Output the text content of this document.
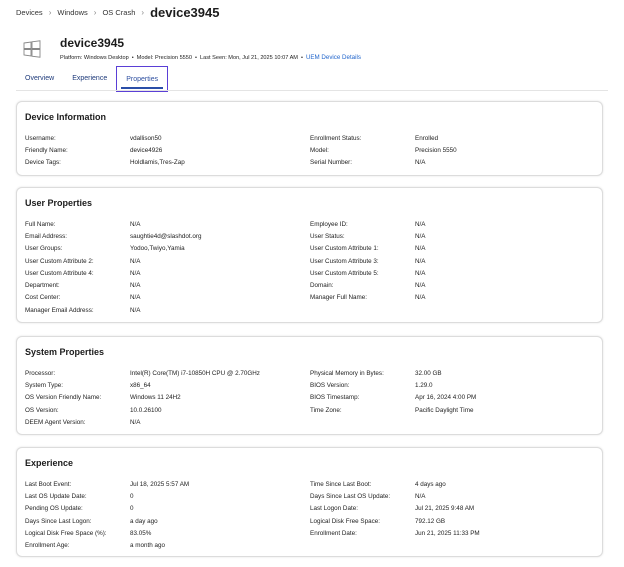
Devices › Windows › OS Crash › device3945
device3945
Platform: Windows Desktop • Model: Precision 5550 • Last Seen: Mon, Jul 21, 2025 10:07 AM • UEM Device Details
Overview	Experience	Properties
Device Information
Username:	vdallison50	Enrollment Status:	Enrolled
Friendly Name:	device4926	Model:	Precision 5550
Device Tags:	Holdlamis,Tres-Zap	Serial Number:	N/A
User Properties
Full Name:	N/A	Employee ID:	N/A
Email Address:	saughtie4d@slashdot.org	User Status:	N/A
User Groups:	Yodoo,Twiyo,Yamia	User Custom Attribute 1:	N/A
User Custom Attribute 2:	N/A	User Custom Attribute 3:	N/A
User Custom Attribute 4:	N/A	User Custom Attribute 5:	N/A
Department:	N/A	Domain:	N/A
Cost Center:	N/A	Manager Full Name:	N/A
Manager Email Address:	N/A
System Properties
Processor:	Intel(R) Core(TM) i7-10850H CPU @ 2.70GHz	Physical Memory in Bytes:	32.00 GB
System Type:	x86_64	BIOS Version:	1.29.0
OS Version Friendly Name:	Windows 11 24H2	BIOS Timestamp:	Apr 16, 2024 4:00 PM
OS Version:	10.0.26100	Time Zone:	Pacific Daylight Time
DEEM Agent Version:	N/A
Experience
Last Boot Event:	Jul 18, 2025 5:57 AM	Time Since Last Boot:	4 days ago
Last OS Update Date:	0	Days Since Last OS Update:	N/A
Pending OS Update:	0	Last Logon Date:	Jul 21, 2025 9:48 AM
Days Since Last Logon:	a day ago	Logical Disk Free Space:	792.12 GB
Logical Disk Free Space (%):	83.05%	Enrollment Date:	Jun 21, 2025 11:33 PM
Enrollment Age:	a month ago
